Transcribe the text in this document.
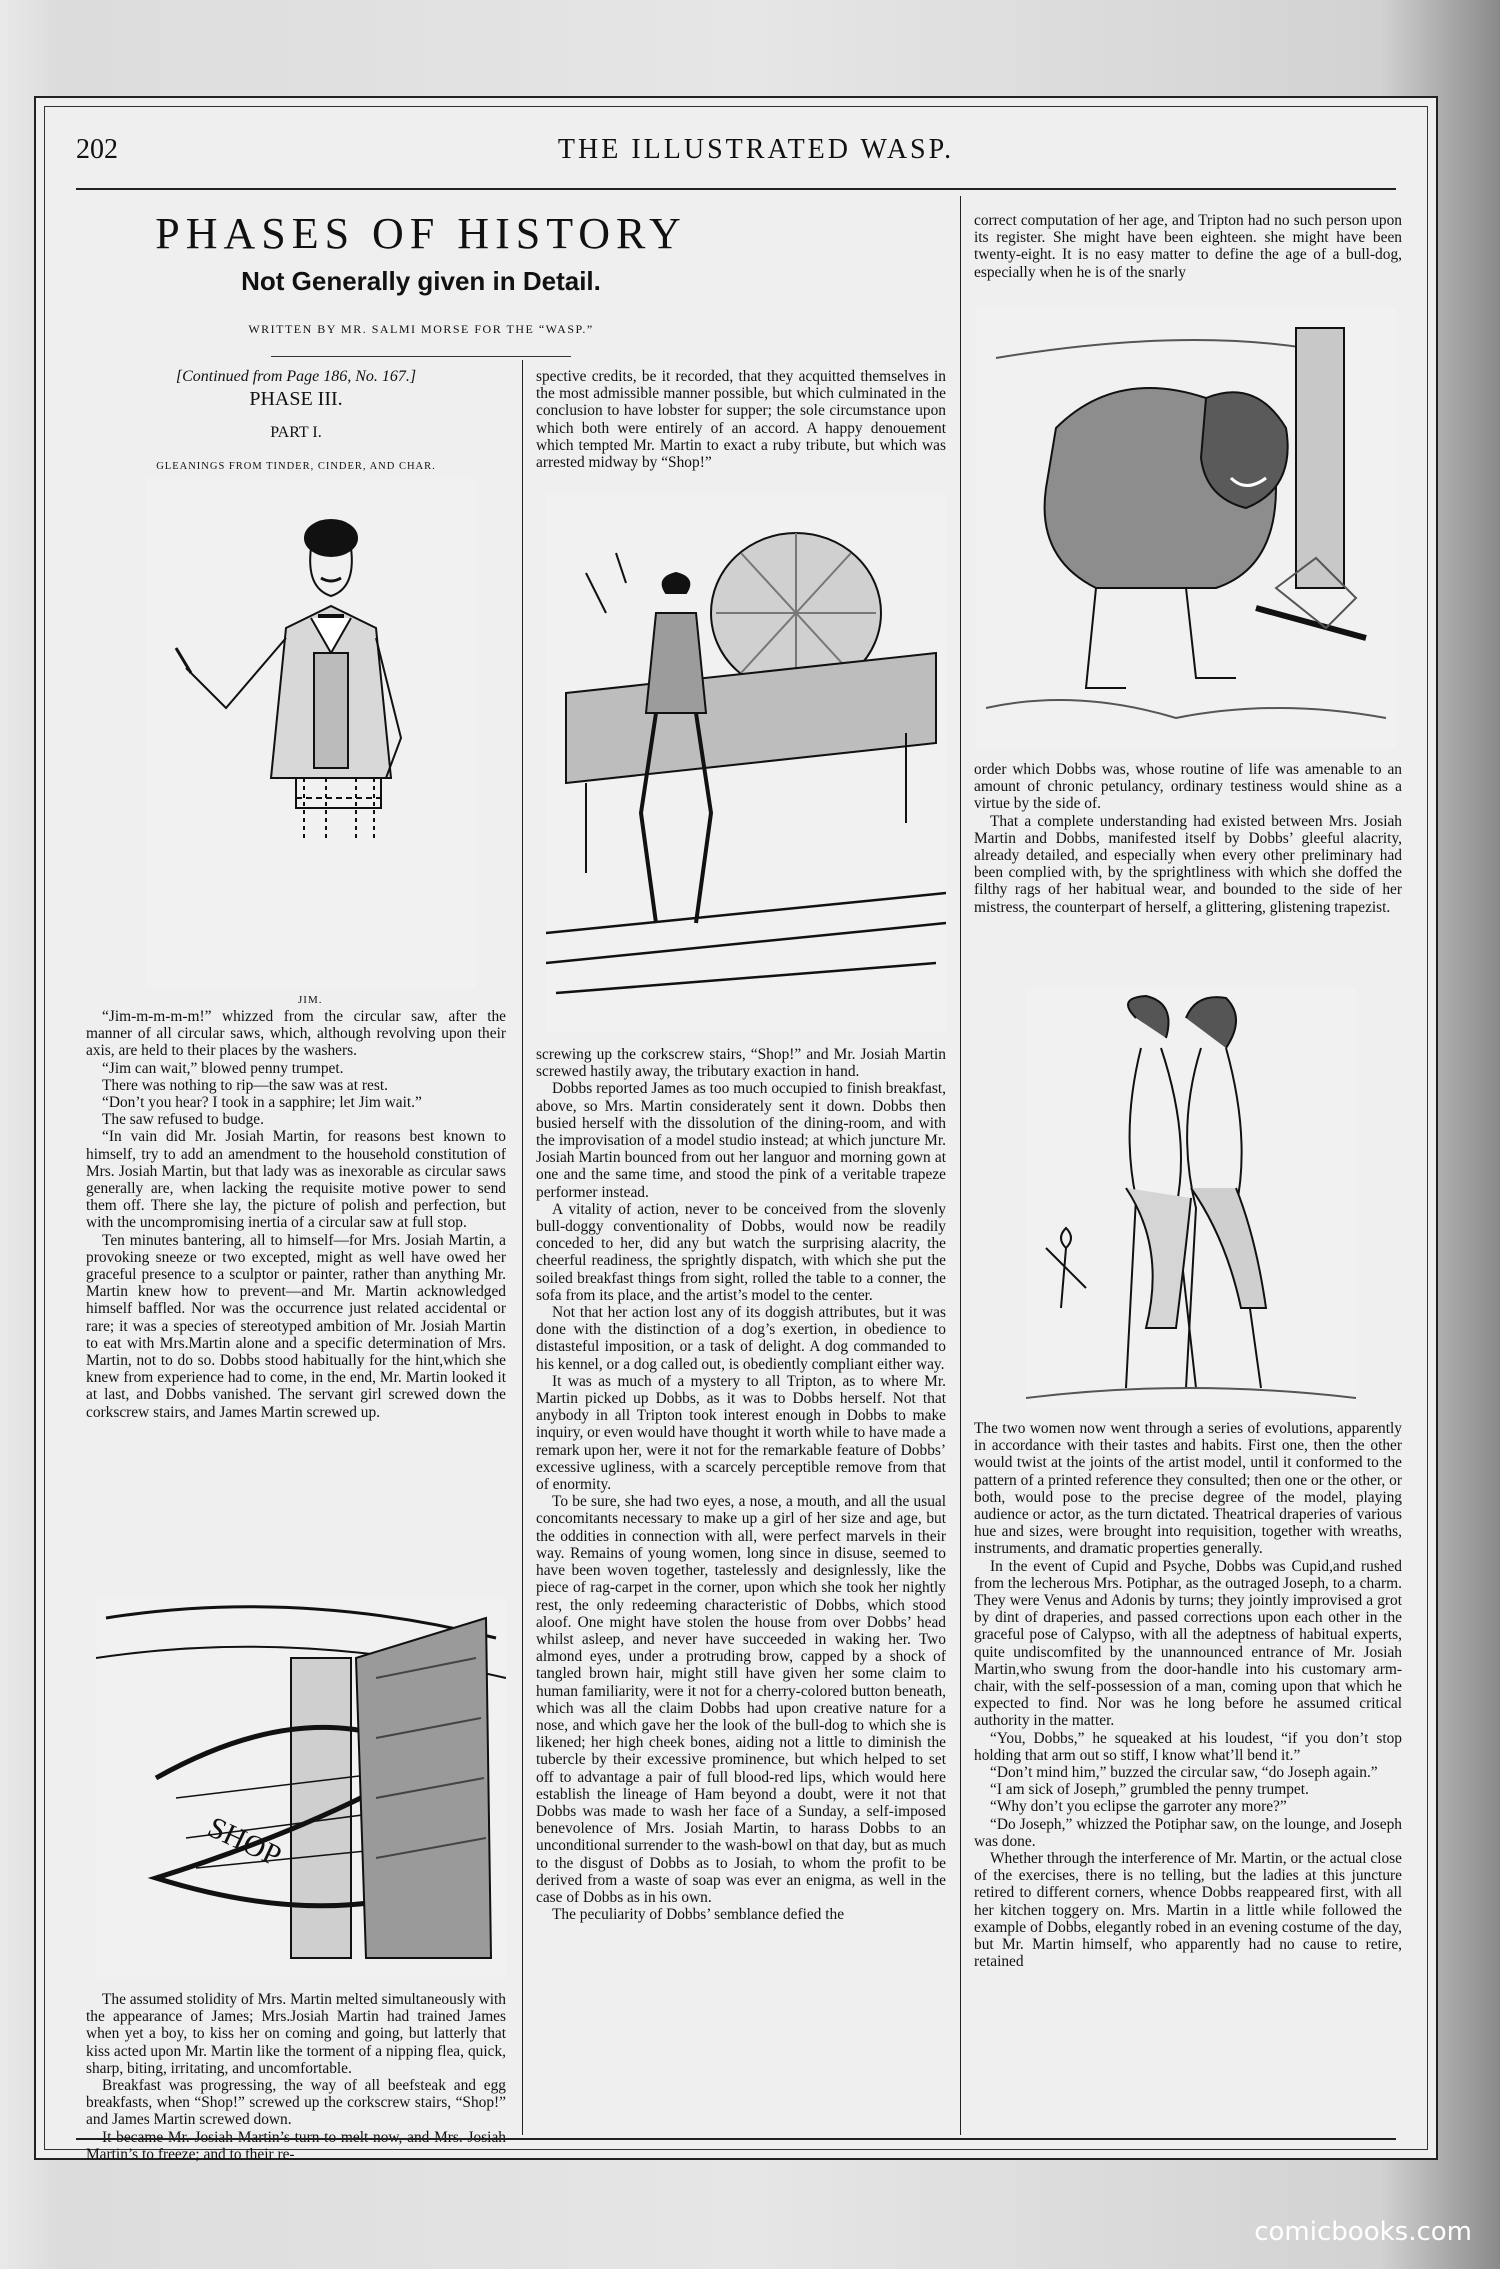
202	THE ILLUSTRATED WASP.
PHASES OF HISTORY
Not Generally given in Detail.
WRITTEN BY MR. SALMI MORSE FOR THE “WASP.”
[Continued from Page 186, No. 167.]
PHASE III.
PART I.
GLEANINGS FROM TINDER, CINDER, AND CHAR.
JIM.

“Jim-m-m-m-m!” whizzed from the circular saw, after the manner of all circular saws, which, although revolving upon their axis, are held to their places by the washers.

“Jim can wait,” blowed penny trumpet.

There was nothing to rip—the saw was at rest.

“Don’t you hear? I took in a sapphire; let Jim wait.”

The saw refused to budge.

“In vain did Mr. Josiah Martin, for reasons best known to himself, try to add an amendment to the household constitution of Mrs. Josiah Martin, but that lady was as inexorable as circular saws generally are, when lacking the requisite motive power to send them off. There she lay, the picture of polish and perfection, but with the uncompromising inertia of a circular saw at full stop.

Ten minutes bantering, all to himself—for Mrs. Josiah Martin, a provoking sneeze or two excepted, might as well have owed her graceful presence to a sculptor or painter, rather than anything Mr. Martin knew how to prevent—and Mr. Martin acknowledged himself baffled. Nor was the occurrence just related accidental or rare; it was a species of stereotyped ambition of Mr. Josiah Martin to eat with Mrs.Martin alone and a specific determination of Mrs. Martin, not to do so. Dobbs stood habitually for the hint,which she knew from experience had to come, in the end, Mr. Martin looked it at last, and Dobbs vanished. The servant girl screwed down the corkscrew stairs, and James Martin screwed up.

SHOP

The assumed stolidity of Mrs. Martin melted simultaneously with the appearance of James; Mrs.Josiah Martin had trained James when yet a boy, to kiss her on coming and going, but latterly that kiss acted upon Mr. Martin like the torment of a nipping flea, quick, sharp, biting, irritating, and uncomfortable.

Breakfast was progressing, the way of all beefsteak and egg breakfasts, when “Shop!” screwed up the corkscrew stairs, “Shop!” and James Martin screwed down.

It became Mr. Josiah Martin’s turn to melt now, and Mrs. Josiah Martin’s to freeze; and to their re-

spective credits, be it recorded, that they acquitted themselves in the most admissible manner possible, but which culminated in the conclusion to have lobster for supper; the sole circumstance upon which both were entirely of an accord. A happy denouement which tempted Mr. Martin to exact a ruby tribute, but which was arrested midway by “Shop!”

screwing up the corkscrew stairs, “Shop!” and Mr. Josiah Martin screwed hastily away, the tributary exaction in hand.

Dobbs reported James as too much occupied to finish breakfast, above, so Mrs. Martin considerately sent it down. Dobbs then busied herself with the dissolution of the dining-room, and with the improvisation of a model studio instead; at which juncture Mr. Josiah Martin bounced from out her languor and morning gown at one and the same time, and stood the pink of a veritable trapeze performer instead.

A vitality of action, never to be conceived from the slovenly bull-doggy conventionality of Dobbs, would now be readily conceded to her, did any but watch the surprising alacrity, the cheerful readiness, the sprightly dispatch, with which she put the soiled breakfast things from sight, rolled the table to a conner, the sofa from its place, and the artist’s model to the center.

Not that her action lost any of its doggish attributes, but it was done with the distinction of a dog’s exertion, in obedience to distasteful imposition, or a task of delight. A dog commanded to his kennel, or a dog called out, is obediently compliant either way.

It was as much of a mystery to all Tripton, as to where Mr. Martin picked up Dobbs, as it was to Dobbs herself. Not that anybody in all Tripton took interest enough in Dobbs to make inquiry, or even would have thought it worth while to have made a remark upon her, were it not for the remarkable feature of Dobbs’ excessive ugliness, with a scarcely perceptible remove from that of enormity.

To be sure, she had two eyes, a nose, a mouth, and all the usual concomitants necessary to make up a girl of her size and age, but the oddities in connection with all, were perfect marvels in their way. Remains of young women, long since in disuse, seemed to have been woven together, tastelessly and designlessly, like the piece of rag-carpet in the corner, upon which she took her nightly rest, the only redeeming characteristic of Dobbs, which stood aloof. One might have stolen the house from over Dobbs’ head whilst asleep, and never have succeeded in waking her. Two almond eyes, under a protruding brow, capped by a shock of tangled brown hair, might still have given her some claim to human familiarity, were it not for a cherry-colored button beneath, which was all the claim Dobbs had upon creative nature for a nose, and which gave her the look of the bull-dog to which she is likened; her high cheek bones, aiding not a little to diminish the tubercle by their excessive prominence, but which helped to set off to advantage a pair of full blood-red lips, which would here establish the lineage of Ham beyond a doubt, were it not that Dobbs was made to wash her face of a Sunday, a self-imposed benevolence of Mrs. Josiah Martin, to harass Dobbs to an unconditional surrender to the wash-bowl on that day, but as much to the disgust of Dobbs as to Josiah, to whom the profit to be derived from a waste of soap was ever an enigma, as well in the case of Dobbs as in his own.

The peculiarity of Dobbs’ semblance defied the

correct computation of her age, and Tripton had no such person upon its register. She might have been eighteen. she might have been twenty-eight. It is no easy matter to define the age of a bull-dog, especially when he is of the snarly

order which Dobbs was, whose routine of life was amenable to an amount of chronic petulancy, ordinary testiness would shine as a virtue by the side of.

That a complete understanding had existed between Mrs. Josiah Martin and Dobbs, manifested itself by Dobbs’ gleeful alacrity, already detailed, and especially when every other preliminary had been complied with, by the sprightliness with which she doffed the filthy rags of her habitual wear, and bounded to the side of her mistress, the counterpart of herself, a glittering, glistening trapezist.

The two women now went through a series of evolutions, apparently in accordance with their tastes and habits. First one, then the other would twist at the joints of the artist model, until it conformed to the pattern of a printed reference they consulted; then one or the other, or both, would pose to the precise degree of the model, playing audience or actor, as the turn dictated. Theatrical draperies of various hue and sizes, were brought into requisition, together with wreaths, instruments, and dramatic properties generally.

In the event of Cupid and Psyche, Dobbs was Cupid,and rushed from the lecherous Mrs. Potiphar, as the outraged Joseph, to a charm. They were Venus and Adonis by turns; they jointly improvised a grot by dint of draperies, and passed corrections upon each other in the graceful pose of Calypso, with all the adeptness of habitual experts, quite undiscomfited by the unannounced entrance of Mr. Josiah Martin,who swung from the door-handle into his customary arm-chair, with the self-possession of a man, coming upon that which he expected to find. Nor was he long before he assumed critical authority in the matter.

“You, Dobbs,” he squeaked at his loudest, “if you don’t stop holding that arm out so stiff, I know what’ll bend it.”

“Don’t mind him,” buzzed the circular saw, “do Joseph again.”

“I am sick of Joseph,” grumbled the penny trumpet.

“Why don’t you eclipse the garroter any more?”

“Do Joseph,” whizzed the Potiphar saw, on the lounge, and Joseph was done.

Whether through the interference of Mr. Martin, or the actual close of the exercises, there is no telling, but the ladies at this juncture retired to different corners, whence Dobbs reappeared first, with all her kitchen toggery on. Mrs. Martin in a little while followed the example of Dobbs, elegantly robed in an evening costume of the day, but Mr. Martin himself, who apparently had no cause to retire, retained

comicbooks.com
